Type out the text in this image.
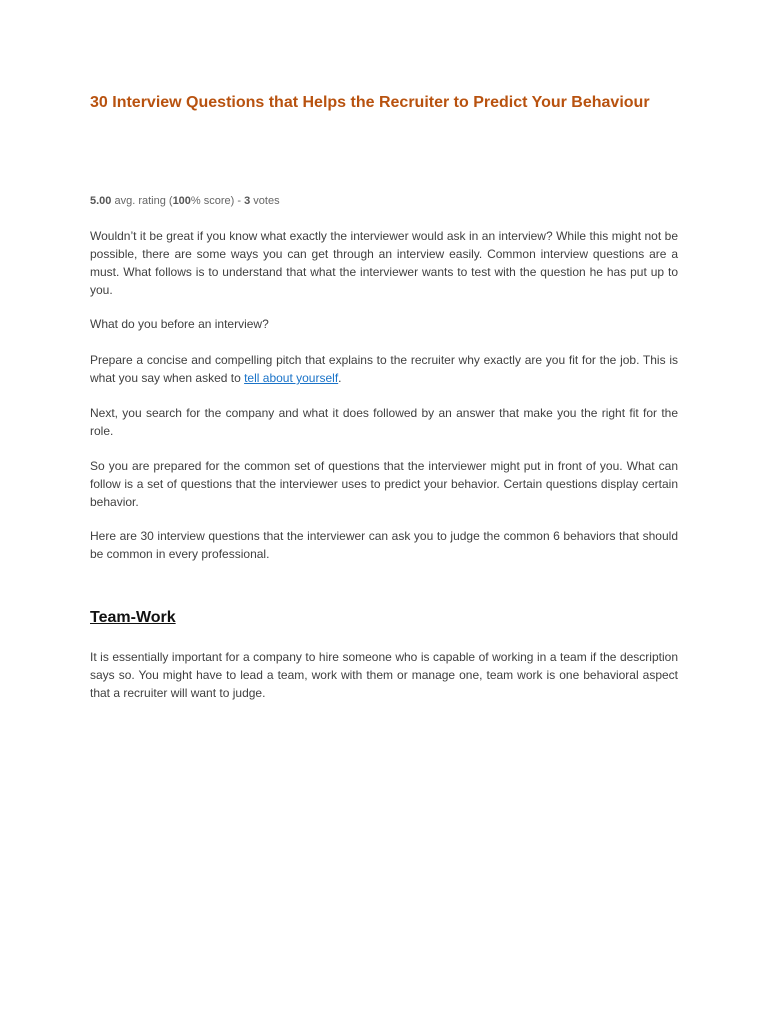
30 Interview Questions that Helps the Recruiter to Predict Your Behaviour

5.00 avg. rating (100% score) - 3 votes

Wouldn’t it be great if you know what exactly the interviewer would ask in an interview? While this might not be possible, there are some ways you can get through an interview easily. Common interview questions are a must. What follows is to understand that what the interviewer wants to test with the question he has put up to you.

What do you before an interview?

Prepare a concise and compelling pitch that explains to the recruiter why exactly are you fit for the job. This is what you say when asked to tell about yourself.

Next, you search for the company and what it does followed by an answer that make you the right fit for the role.

So you are prepared for the common set of questions that the interviewer might put in front of you. What can follow is a set of questions that the interviewer uses to predict your behavior. Certain questions display certain behavior.

Here are 30 interview questions that the interviewer can ask you to judge the common 6 behaviors that should be common in every professional.

Team-Work

It is essentially important for a company to hire someone who is capable of working in a team if the description says so. You might have to lead a team, work with them or manage one, team work is one behavioral aspect that a recruiter will want to judge.
